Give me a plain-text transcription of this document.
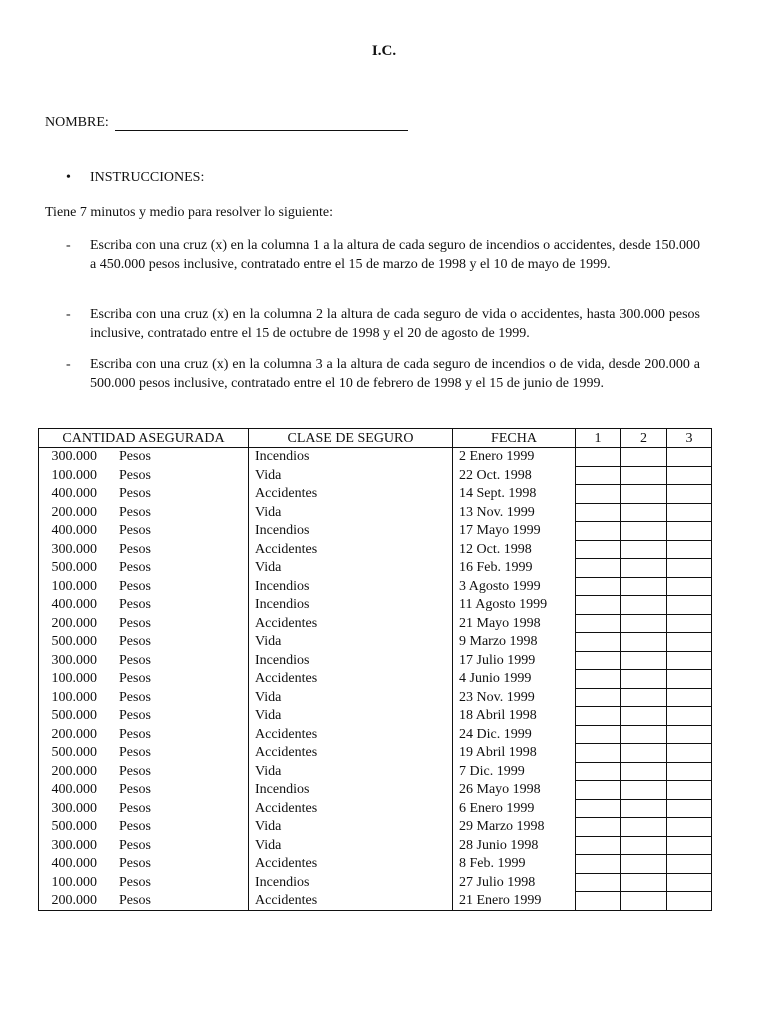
I.C.
NOMBRE:
• INSTRUCCIONES:
Tiene 7 minutos y medio para resolver lo siguiente:
- Escriba con una cruz (x) en la columna 1 a la altura de cada seguro de incendios o accidentes, desde 150.000 a 450.000 pesos inclusive, contratado entre el 15 de marzo de 1998 y el 10 de mayo de 1999.
- Escriba con una cruz (x) en la columna 2 la altura de cada seguro de vida o accidentes, hasta 300.000 pesos inclusive, contratado entre el 15 de octubre de 1998 y el 20 de agosto de 1999.
- Escriba con una cruz (x) en la columna 3 a la altura de cada seguro de incendios o de vida, desde 200.000 a 500.000 pesos inclusive, contratado entre el 10 de febrero de 1998 y el 15 de junio de 1999.
CANTIDAD ASEGURADA	CLASE DE SEGURO	FECHA	1	2	3
300.000 Pesos	Incendios	2 Enero 1999			
100.000 Pesos	Vida	22 Oct. 1998			
400.000 Pesos	Accidentes	14 Sept. 1998			
200.000 Pesos	Vida	13 Nov. 1999			
400.000 Pesos	Incendios	17 Mayo 1999			
300.000 Pesos	Accidentes	12 Oct. 1998			
500.000 Pesos	Vida	16 Feb. 1999			
100.000 Pesos	Incendios	3 Agosto 1999			
400.000 Pesos	Incendios	11 Agosto 1999			
200.000 Pesos	Accidentes	21 Mayo 1998			
500.000 Pesos	Vida	9 Marzo 1998			
300.000 Pesos	Incendios	17 Julio 1999			
100.000 Pesos	Accidentes	4 Junio 1999			
100.000 Pesos	Vida	23 Nov. 1999			
500.000 Pesos	Vida	18 Abril 1998			
200.000 Pesos	Accidentes	24 Dic. 1999			
500.000 Pesos	Accidentes	19 Abril 1998			
200.000 Pesos	Vida	7 Dic. 1999			
400.000 Pesos	Incendios	26 Mayo 1998			
300.000 Pesos	Accidentes	6 Enero 1999			
500.000 Pesos	Vida	29 Marzo 1998			
300.000 Pesos	Vida	28 Junio 1998			
400.000 Pesos	Accidentes	8 Feb. 1999			
100.000 Pesos	Incendios	27 Julio 1998			
200.000 Pesos	Accidentes	21 Enero 1999			
